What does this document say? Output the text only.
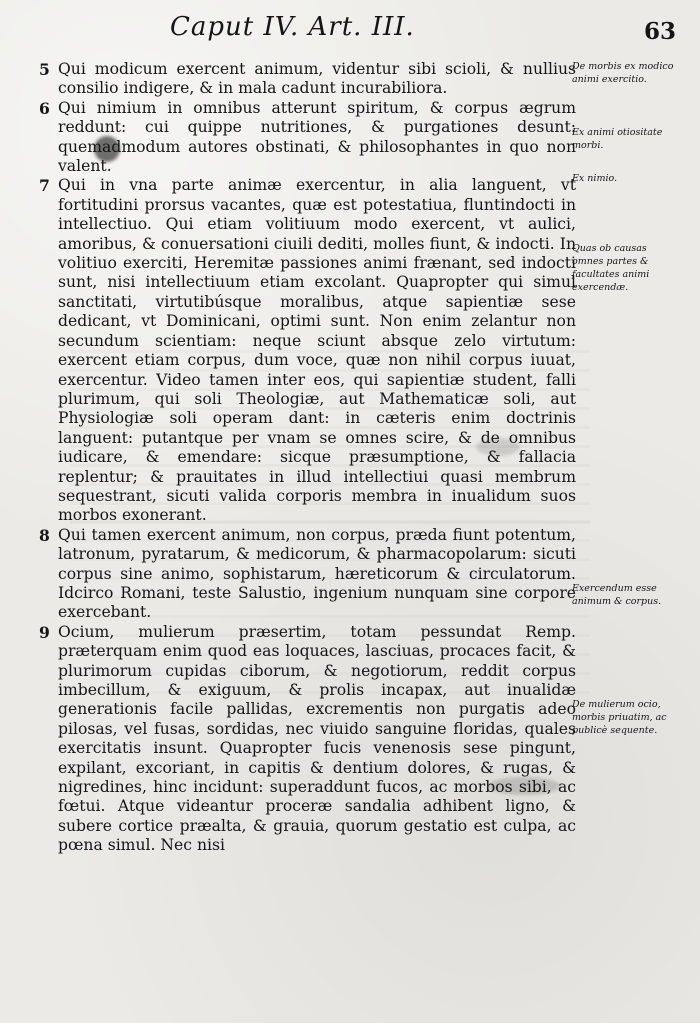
Caput IV. Art. III.	63

5 Qui modicum exercent animum, videntur sibi scioli, & nullius consilio indigere, & in mala cadunt incurabiliora.

6 Qui nimium in omnibus atterunt spiritum, & corpus ægrum reddunt: cui quippe nutritiones, & purgationes desunt: quemadmodum autores obstinati, & philosophantes in quo non valent.

7 Qui in vna parte animæ exercentur, in alia languent, vt fortitudini prorsus vacantes, quæ est potestatiua, fluntindocti in intellectiuo. Qui etiam volitiuum modo exercent, vt aulici, amoribus, & conuersationi ciuili dediti, molles fiunt, & indocti. In volitiuo exerciti, Heremitæ passiones animi frænant, sed indocti sunt, nisi intellectiuum etiam excolant. Quapropter qui simul sanctitati, virtutibúsque moralibus, atque sapientiæ sese dedicant, vt Dominicani, optimi sunt. Non enim zelantur non secundum scientiam: neque sciunt absque zelo virtutum: exercent etiam corpus, dum voce, quæ non nihil corpus iuuat, exercentur. Video tamen inter eos, qui sapientiæ student, falli plurimum, qui soli Theologiæ, aut Mathematicæ soli, aut Physiologiæ soli operam dant: in cæteris enim doctrinis languent: putantque per vnam se omnes scire, & de omnibus iudicare, & emendare: sicque præsumptione, & fallacia replentur; & prauitates in illud intellectiui quasi membrum sequestrant, sicuti valida corporis membra in inualidum suos morbos exonerant.

8 Qui tamen exercent animum, non corpus, præda fiunt potentum, latronum, pyratarum, & medicorum, & pharmacopolarum: sicuti corpus sine animo, sophistarum, hæreticorum & circulatorum. Idcirco Romani, teste Salustio, ingenium nunquam sine corpore exercebant.

9 Ocium, mulierum præsertim, totam pessundat Remp. præterquam enim quod eas loquaces, lasciuas, procaces facit, & plurimorum cupidas ciborum, & negotiorum, reddit corpus imbecillum, & exiguum, & prolis incapax, aut inualidæ generationis facile pallidas, excrementis non purgatis adeo pilosas, vel fusas, sordidas, nec viuido sanguine floridas, quales exercitatis insunt. Quapropter fucis venenosis sese pingunt, expilant, excoriant, in capitis & dentium dolores, & rugas, & nigredines, hinc incidunt: superaddunt fucos, ac morbos sibi, ac fœtui. Atque videantur proceræ sandalia adhibent ligno, & subere cortice præalta, & grauia, quorum gestatio est culpa, ac pœna simul. Nec nisi

De morbis ex modico animi exercitio.
Ex animi otiositate morbi.
Ex nimio.
Quas ob causas omnes partes & facultates animi exercendæ.
Exercendum esse animum & corpus.
De mulierum ocio, morbis priuatim, ac publicè sequente.
